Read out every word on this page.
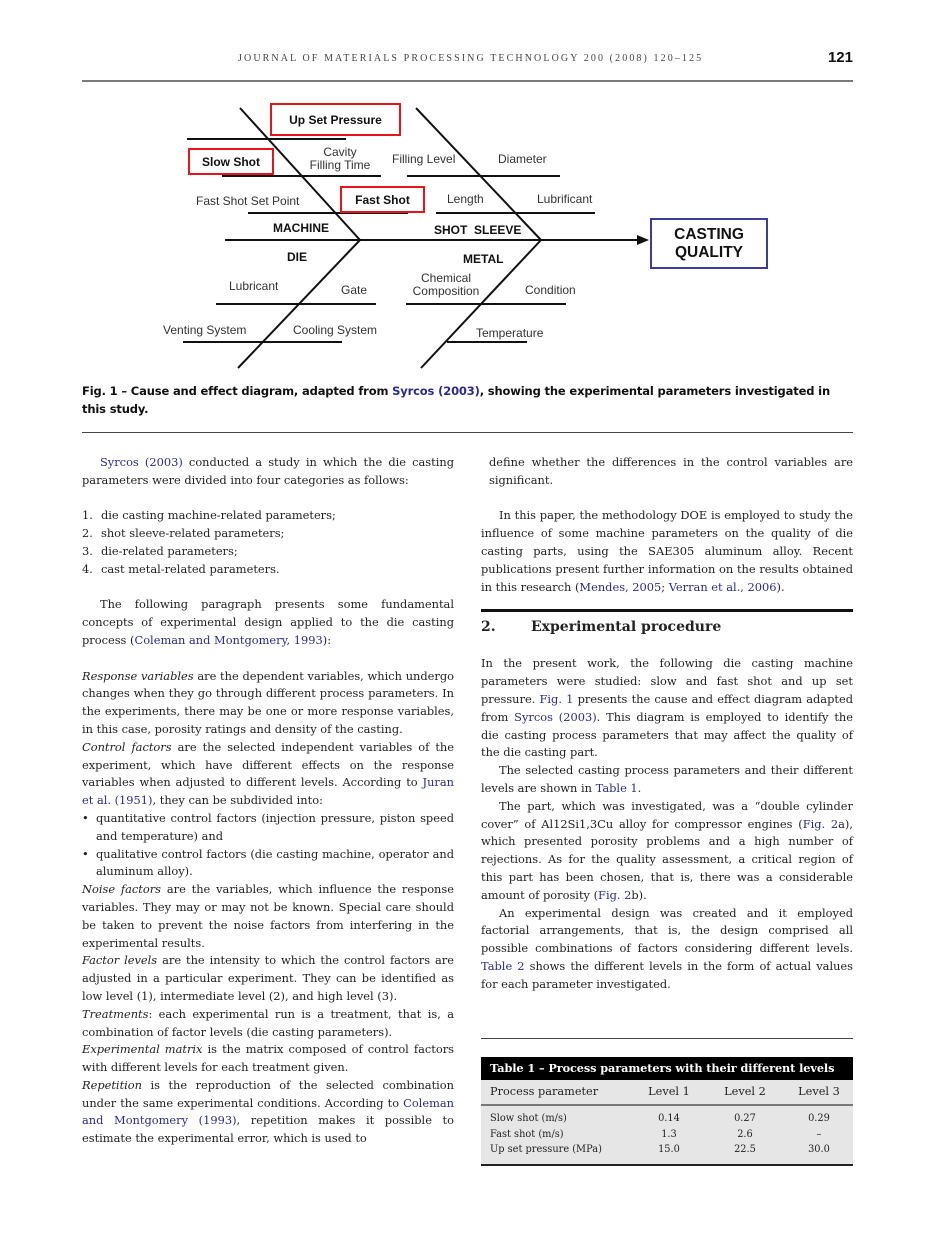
JOURNAL OF MATERIALS PROCESSING TECHNOLOGY 200 (2008) 120–125	121
Up Set Pressure
Slow Shot
Cavity
Filling Time
Fast Shot Set Point	Fast Shot
MACHINE
Filling Level	Diameter
Length	Lubrificant
SHOT  SLEEVE
DIE
Lubricant	Gate
Venting System	Cooling System
METAL
Chemical
Composition	Condition
Temperature
CASTING
QUALITY
Fig. 1 – Cause and effect diagram, adapted from Syrcos (2003), showing the experimental parameters investigated in this study.

Syrcos (2003) conducted a study in which the die casting parameters were divided into four categories as follows:

1. die casting machine-related parameters;
2. shot sleeve-related parameters;
3. die-related parameters;
4. cast metal-related parameters.

The following paragraph presents some fundamental concepts of experimental design applied to the die casting process (Coleman and Montgomery, 1993):

Response variables are the dependent variables, which undergo changes when they go through different process parameters. In the experiments, there may be one or more response variables, in this case, porosity ratings and density of the casting.

Control factors are the selected independent variables of the experiment, which have different effects on the response variables when adjusted to different levels. According to Juran et al. (1951), they can be subdivided into:

• quantitative control factors (injection pressure, piston speed and temperature) and
• qualitative control factors (die casting machine, operator and aluminum alloy).

Noise factors are the variables, which influence the response variables. They may or may not be known. Special care should be taken to prevent the noise factors from interfering in the experimental results.

Factor levels are the intensity to which the control factors are adjusted in a particular experiment. They can be identified as low level (1), intermediate level (2), and high level (3).

Treatments: each experimental run is a treatment, that is, a combination of factor levels (die casting parameters).

Experimental matrix is the matrix composed of control factors with different levels for each treatment given.

Repetition is the reproduction of the selected combination under the same experimental conditions. According to Coleman and Montgomery (1993), repetition makes it possible to estimate the experimental error, which is used to

define whether the differences in the control variables are significant.

In this paper, the methodology DOE is employed to study the influence of some machine parameters on the quality of die casting parts, using the SAE305 aluminum alloy. Recent publications present further information on the results obtained in this research (Mendes, 2005; Verran et al., 2006).

2.	Experimental procedure

In the present work, the following die casting machine parameters were studied: slow and fast shot and up set pressure. Fig. 1 presents the cause and effect diagram adapted from Syrcos (2003). This diagram is employed to identify the die casting process parameters that may affect the quality of the die casting part.

The selected casting process parameters and their different levels are shown in Table 1.

The part, which was investigated, was a “double cylinder cover” of Al12Si1,3Cu alloy for compressor engines (Fig. 2a), which presented porosity problems and a high number of rejections. As for the quality assessment, a critical region of this part has been chosen, that is, there was a considerable amount of porosity (Fig. 2b).

An experimental design was created and it employed factorial arrangements, that is, the design comprised all possible combinations of factors considering different levels. Table 2 shows the different levels in the form of actual values for each parameter investigated.

Table 1 – Process parameters with their different levels
Process parameter	Level 1	Level 2	Level 3
Slow shot (m/s)	0.14	0.27	0.29
Fast shot (m/s)	1.3	2.6	–
Up set pressure (MPa)	15.0	22.5	30.0
